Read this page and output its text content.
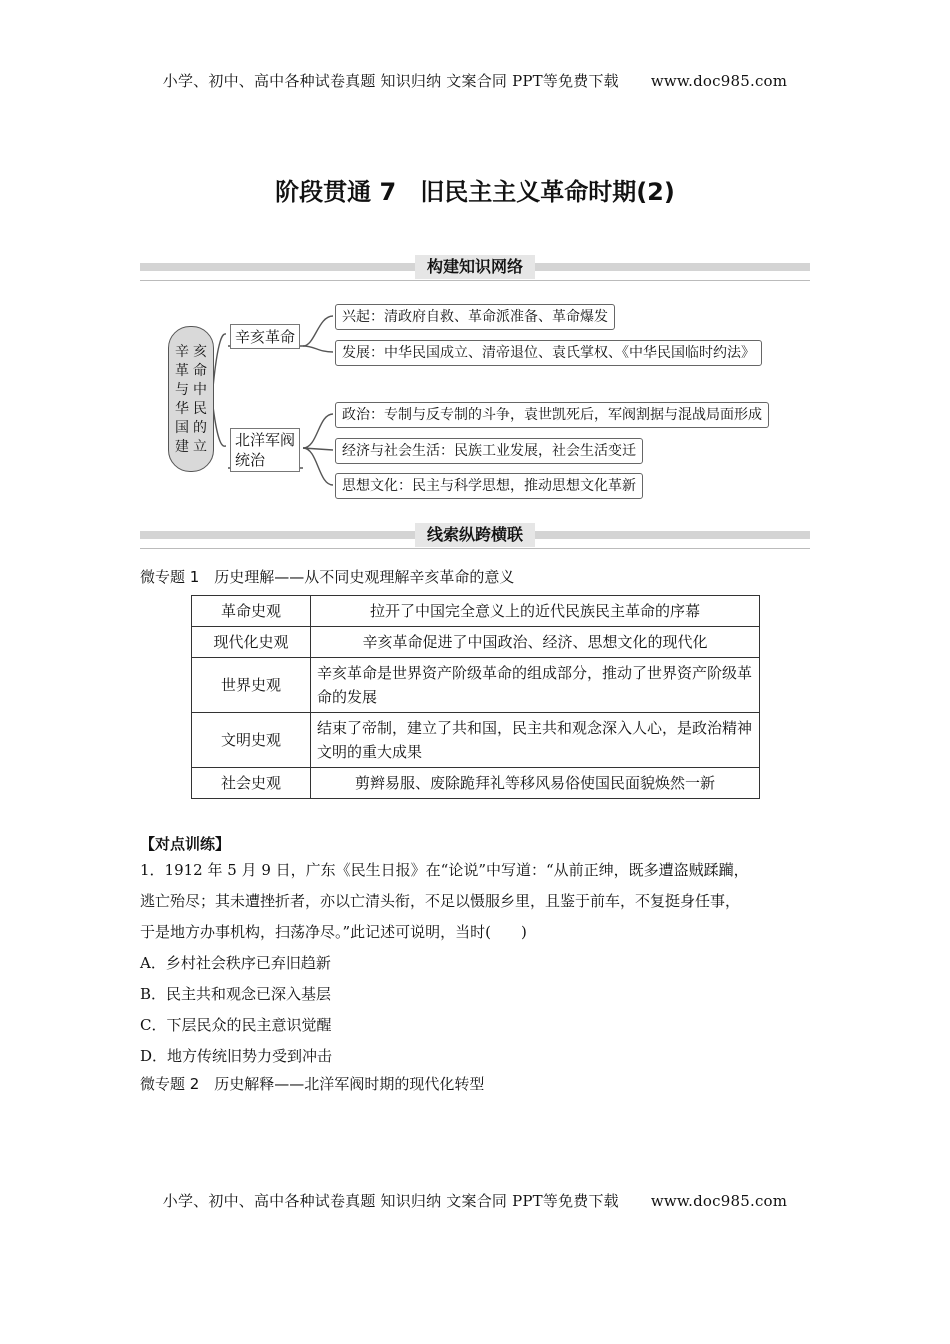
小学、初中、高中各种试卷真题 知识归纳 文案合同 PPT等免费下载 www.doc985.com
阶段贯通 7　旧民主主义革命时期(2)
构建知识网络
辛
革
与
华
国
建
亥
命
中
民
的
立
辛亥革命
北洋军阀
统治
兴起：清政府自救、革命派准备、革命爆发
发展：中华民国成立、清帝退位、袁氏掌权、《中华民国临时约法》
政治：专制与反专制的斗争，袁世凯死后，军阀割据与混战局面形成
经济与社会生活：民族工业发展，社会生活变迁
思想文化：民主与科学思想，推动思想文化革新
线索纵跨横联
微专题 1　历史理解——从不同史观理解辛亥革命的意义
革命史观	拉开了中国完全意义上的近代民族民主革命的序幕
现代化史观	辛亥革命促进了中国政治、经济、思想文化的现代化
世界史观	辛亥革命是世界资产阶级革命的组成部分，推动了世界资产阶级革命的发展
文明史观	结束了帝制，建立了共和国，民主共和观念深入人心，是政治精神文明的重大成果
社会史观	剪辫易服、废除跪拜礼等移风易俗使国民面貌焕然一新
【对点训练】
1．1912 年 5 月 9 日，广东《民生日报》在“论说”中写道：“从前正绅，既多遭盗贼蹂躏，
逃亡殆尽；其未遭挫折者，亦以亡清头衔，不足以慑服乡里，且鉴于前车，不复挺身任事，
于是地方办事机构，扫荡净尽。”此记述可说明，当时(　　)
A．乡村社会秩序已弃旧趋新
B．民主共和观念已深入基层
C．下层民众的民主意识觉醒
D．地方传统旧势力受到冲击
微专题 2　历史解释——北洋军阀时期的现代化转型
小学、初中、高中各种试卷真题 知识归纳 文案合同 PPT等免费下载 www.doc985.com
